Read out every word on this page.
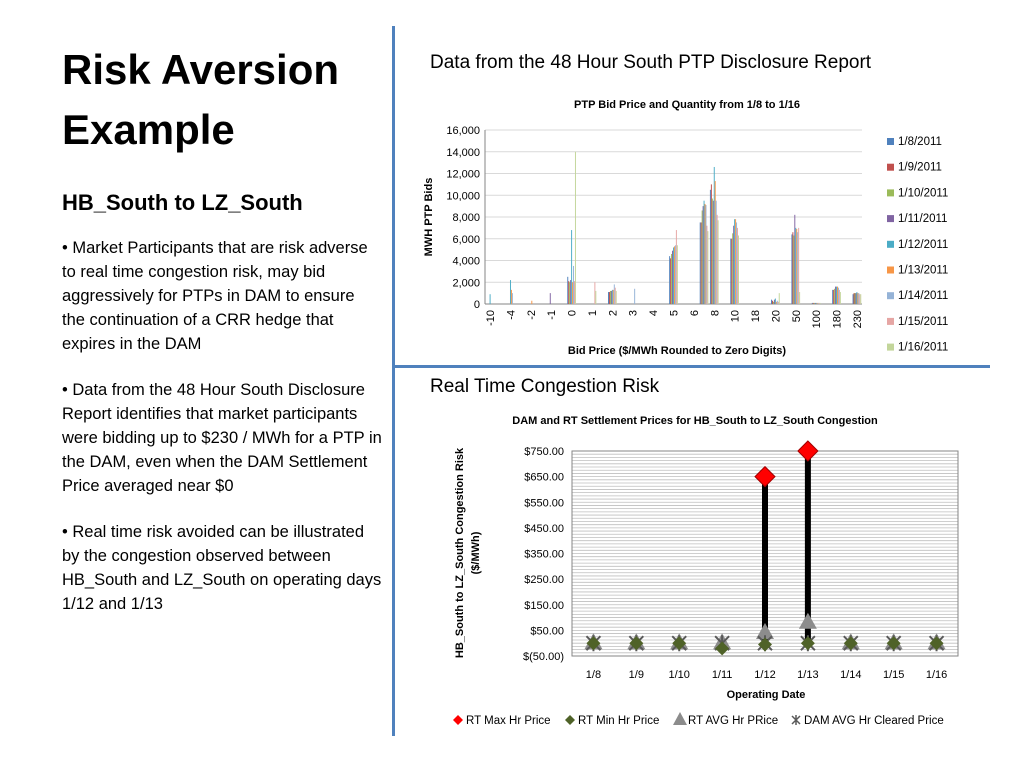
Risk Aversion
Example
HB_South to LZ_South

• Market Participants that are risk adverse to real time congestion risk, may bid aggressively for PTPs in DAM to ensure the continuation of a CRR hedge that expires in the DAM

• Data from the 48 Hour South Disclosure Report identifies that market participants were bidding up to $230 / MWh for a PTP in the DAM, even when the DAM Settlement Price averaged near $0

• Real time risk avoided can be illustrated by the congestion observed between HB_South and LZ_South on operating days 1/12 and 1/13

Data from the 48 Hour South PTP Disclosure Report
Real Time Congestion Risk
PTP Bid Price and Quantity from 1/8 to 1/16
0
2,000
4,000
6,000
8,000
10,000
12,000
14,000
16,000
-10 -4 -2 -1 0 1 2 3 4 5 6 8 10 18 20 50 100 180 230
Bid Price ($/MWh Rounded to Zero Digits)
MWH PTP Bids
1/8/2011
1/9/2011
1/10/2011
1/11/2011
1/12/2011
1/13/2011
1/14/2011
1/15/2011
1/16/2011
DAM and RT Settlement Prices for HB_South to LZ_South Congestion
$(50.00)
$50.00
$150.00
$250.00
$350.00
$450.00
$550.00
$650.00
$750.00
1/8	1/9 1/10 1/11 1/12 1/13 1/14 1/15 1/16
Operating Date
HB_South to LZ_South Congestion Risk ($/MWh)
RT Max Hr Price RT Min Hr Price RT AVG Hr PRice DAM AVG Hr Cleared Price
